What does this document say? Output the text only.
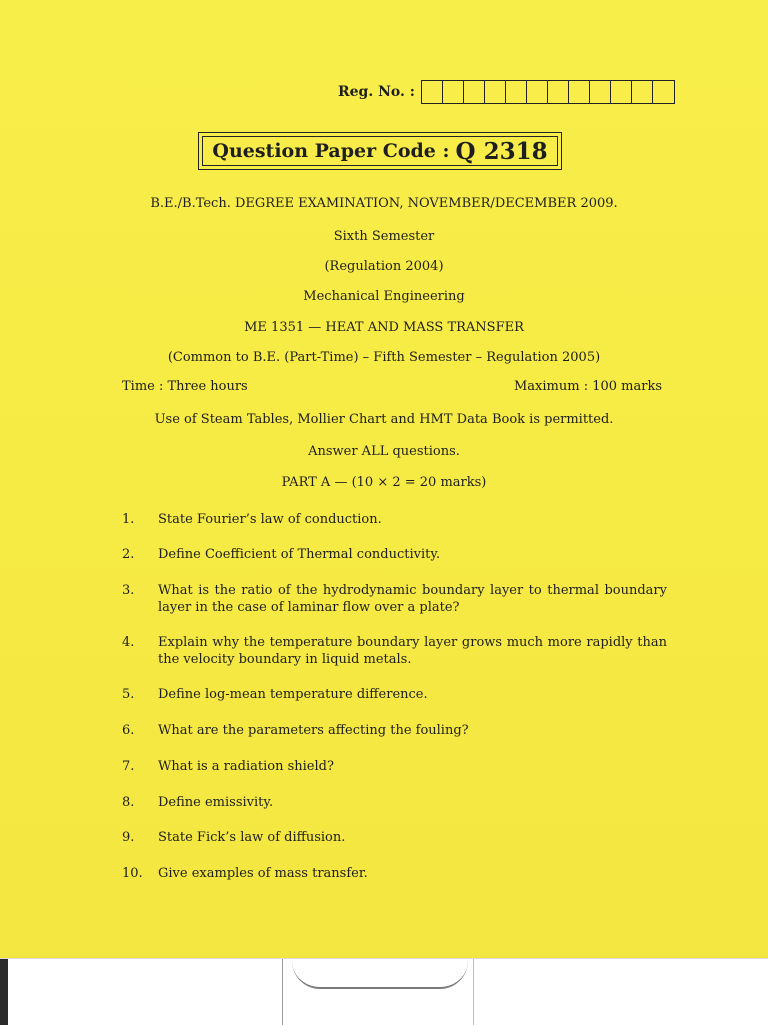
Reg. No. :
Question Paper Code : Q 2318
B.E./B.Tech. DEGREE EXAMINATION, NOVEMBER/DECEMBER 2009.
Sixth Semester
(Regulation 2004)
Mechanical Engineering
ME 1351 — HEAT AND MASS TRANSFER
(Common to B.E. (Part-Time) – Fifth Semester – Regulation 2005)
Time : Three hours	Maximum : 100 marks
Use of Steam Tables, Mollier Chart and HMT Data Book is permitted.
Answer ALL questions.
PART A — (10 × 2 = 20 marks)
1.	State Fourier’s law of conduction.
2.	Define Coefficient of Thermal conductivity.
3.	What is the ratio of the hydrodynamic boundary layer to thermal boundary layer in the case of laminar flow over a plate?
4.	Explain why the temperature boundary layer grows much more rapidly than the velocity boundary in liquid metals.
5.	Define log-mean temperature difference.
6.	What are the parameters affecting the fouling?
7.	What is a radiation shield?
8.	Define emissivity.
9.	State Fick’s law of diffusion.
10.	Give examples of mass transfer.
